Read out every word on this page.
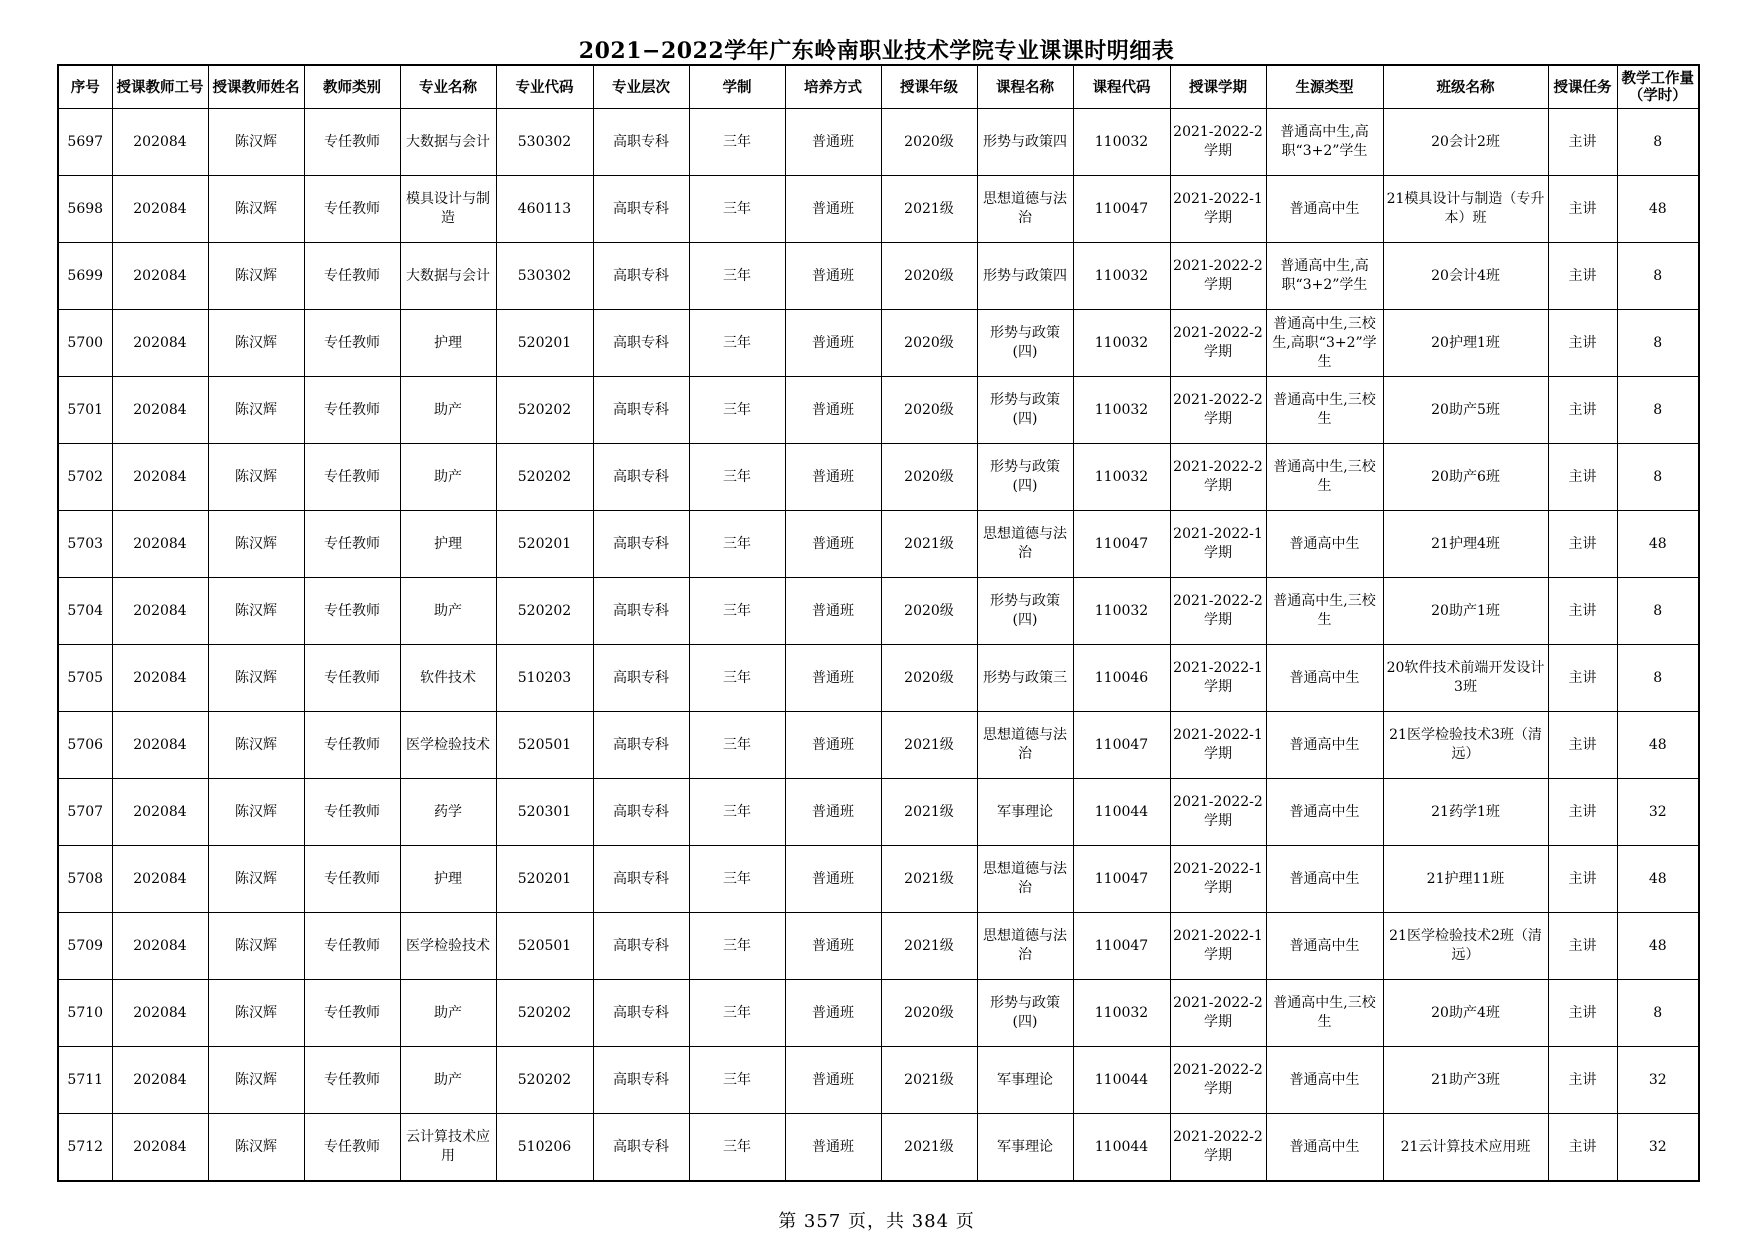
2021−2022学年广东岭南职业技术学院专业课课时明细表
序号	授课教师工号	授课教师姓名	教师类别	专业名称	专业代码	专业层次	学制	培养方式	授课年级	课程名称	课程代码	授课学期	生源类型	班级名称	授课任务	教学工作量（学时）
5697	202084	陈汉辉	专任教师	大数据与会计	530302	高职专科	三年	普通班	2020级	形势与政策四	110032	2021-2022-2学期	普通高中生,高职“3+2”学生	20会计2班	主讲	8
5698	202084	陈汉辉	专任教师	模具设计与制造	460113	高职专科	三年	普通班	2021级	思想道德与法治	110047	2021-2022-1学期	普通高中生	21模具设计与制造（专升本）班	主讲	48
5699	202084	陈汉辉	专任教师	大数据与会计	530302	高职专科	三年	普通班	2020级	形势与政策四	110032	2021-2022-2学期	普通高中生,高职“3+2”学生	20会计4班	主讲	8
5700	202084	陈汉辉	专任教师	护理	520201	高职专科	三年	普通班	2020级	形势与政策(四)	110032	2021-2022-2学期	普通高中生,三校生,高职“3+2”学生	20护理1班	主讲	8
5701	202084	陈汉辉	专任教师	助产	520202	高职专科	三年	普通班	2020级	形势与政策(四)	110032	2021-2022-2学期	普通高中生,三校生	20助产5班	主讲	8
5702	202084	陈汉辉	专任教师	助产	520202	高职专科	三年	普通班	2020级	形势与政策(四)	110032	2021-2022-2学期	普通高中生,三校生	20助产6班	主讲	8
5703	202084	陈汉辉	专任教师	护理	520201	高职专科	三年	普通班	2021级	思想道德与法治	110047	2021-2022-1学期	普通高中生	21护理4班	主讲	48
5704	202084	陈汉辉	专任教师	助产	520202	高职专科	三年	普通班	2020级	形势与政策(四)	110032	2021-2022-2学期	普通高中生,三校生	20助产1班	主讲	8
5705	202084	陈汉辉	专任教师	软件技术	510203	高职专科	三年	普通班	2020级	形势与政策三	110046	2021-2022-1学期	普通高中生	20软件技术前端开发设计3班	主讲	8
5706	202084	陈汉辉	专任教师	医学检验技术	520501	高职专科	三年	普通班	2021级	思想道德与法治	110047	2021-2022-1学期	普通高中生	21医学检验技术3班（清远）	主讲	48
5707	202084	陈汉辉	专任教师	药学	520301	高职专科	三年	普通班	2021级	军事理论	110044	2021-2022-2学期	普通高中生	21药学1班	主讲	32
5708	202084	陈汉辉	专任教师	护理	520201	高职专科	三年	普通班	2021级	思想道德与法治	110047	2021-2022-1学期	普通高中生	21护理11班	主讲	48
5709	202084	陈汉辉	专任教师	医学检验技术	520501	高职专科	三年	普通班	2021级	思想道德与法治	110047	2021-2022-1学期	普通高中生	21医学检验技术2班（清远）	主讲	48
5710	202084	陈汉辉	专任教师	助产	520202	高职专科	三年	普通班	2020级	形势与政策(四)	110032	2021-2022-2学期	普通高中生,三校生	20助产4班	主讲	8
5711	202084	陈汉辉	专任教师	助产	520202	高职专科	三年	普通班	2021级	军事理论	110044	2021-2022-2学期	普通高中生	21助产3班	主讲	32
5712	202084	陈汉辉	专任教师	云计算技术应用	510206	高职专科	三年	普通班	2021级	军事理论	110044	2021-2022-2学期	普通高中生	21云计算技术应用班	主讲	32
第 357 页，共 384 页
